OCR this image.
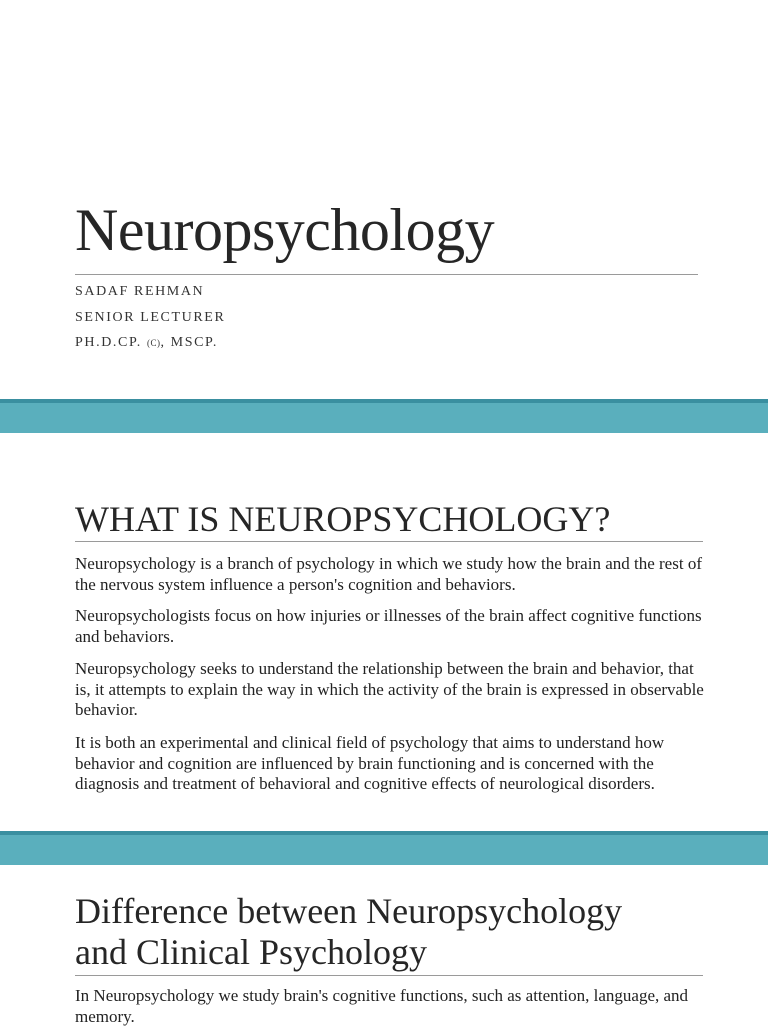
Neuropsychology

SADAF REHMAN

SENIOR LECTURER

PH.D.CP. (C), MSCP.

WHAT IS NEUROPSYCHOLOGY?

Neuropsychology is a branch of psychology in which we study how the brain and the rest of the nervous system influence a person's cognition and behaviors.

Neuropsychologists focus on how injuries or illnesses of the brain affect cognitive functions and behaviors.

Neuropsychology seeks to understand the relationship between the brain and behavior, that is, it attempts to explain the way in which the activity of the brain is expressed in observable behavior.

It is both an experimental and clinical field of psychology that aims to understand how behavior and cognition are influenced by brain functioning and is concerned with the diagnosis and treatment of behavioral and cognitive effects of neurological disorders.

Difference between Neuropsychology
and Clinical Psychology

In Neuropsychology we study brain's cognitive functions, such as attention, language, and memory.
